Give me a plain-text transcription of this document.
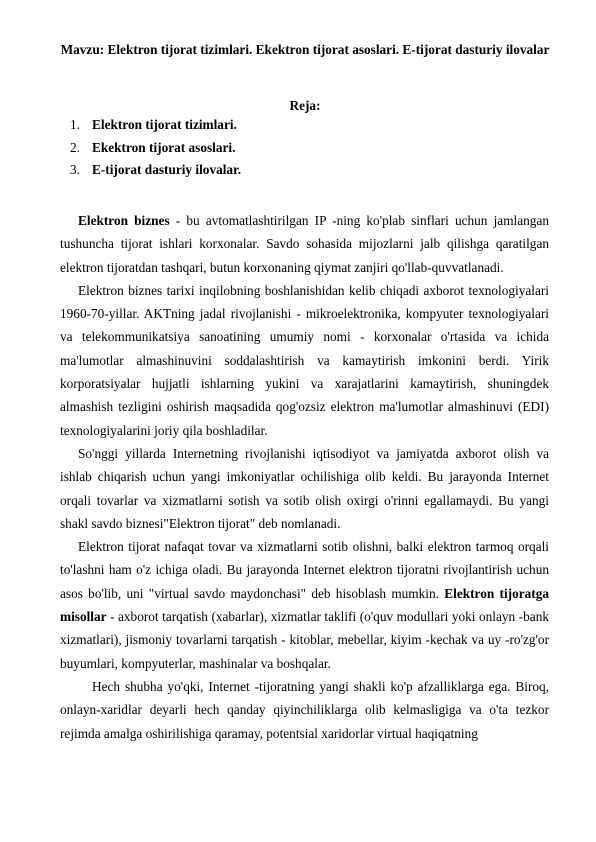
Mavzu: Elektron tijorat tizimlari. Ekektron tijorat asoslari. E-tijorat dasturiy ilovalar
Reja:
1. Elektron tijorat tizimlari.
2. Ekektron tijorat asoslari.
3. E-tijorat dasturiy ilovalar.

Elektron biznes - bu avtomatlashtirilgan IP -ning ko'plab sinflari uchun jamlangan tushuncha tijorat ishlari korxonalar. Savdo sohasida mijozlarni jalb qilishga qaratilgan elektron tijoratdan tashqari, butun korxonaning qiymat zanjiri qo'llab-quvvatlanadi.

Elektron biznes tarixi inqilobning boshlanishidan kelib chiqadi axborot texnologiyalari 1960-70-yillar. AKTning jadal rivojlanishi - mikroelektronika, kompyuter texnologiyalari va telekommunikatsiya sanoatining umumiy nomi - korxonalar o'rtasida va ichida ma'lumotlar almashinuvini soddalashtirish va kamaytirish imkonini berdi. Yirik korporatsiyalar hujjatli ishlarning yukini va xarajatlarini kamaytirish, shuningdek almashish tezligini oshirish maqsadida qog'ozsiz elektron ma'lumotlar almashinuvi (EDI) texnologiyalarini joriy qila boshladilar.

So'nggi yillarda Internetning rivojlanishi iqtisodiyot va jamiyatda axborot olish va ishlab chiqarish uchun yangi imkoniyatlar ochilishiga olib keldi. Bu jarayonda Internet orqali tovarlar va xizmatlarni sotish va sotib olish oxirgi o'rinni egallamaydi. Bu yangi shakl savdo biznesi"Elektron tijorat" deb nomlanadi.

Elektron tijorat nafaqat tovar va xizmatlarni sotib olishni, balki elektron tarmoq orqali to'lashni ham o'z ichiga oladi. Bu jarayonda Internet elektron tijoratni rivojlantirish uchun asos bo'lib, uni "virtual savdo maydonchasi" deb hisoblash mumkin. Elektron tijoratga misollar - axborot tarqatish (xabarlar), xizmatlar taklifi (o'quv modullari yoki onlayn -bank xizmatlari), jismoniy tovarlarni tarqatish - kitoblar, mebellar, kiyim -kechak va uy -ro'zg'or buyumlari, kompyuterlar, mashinalar va boshqalar.

Hech shubha yo'qki, Internet -tijoratning yangi shakli ko'p afzalliklarga ega. Biroq, onlayn-xaridlar deyarli hech qanday qiyinchiliklarga olib kelmasligiga va o'ta tezkor rejimda amalga oshirilishiga qaramay, potentsial xaridorlar virtual haqiqatning
